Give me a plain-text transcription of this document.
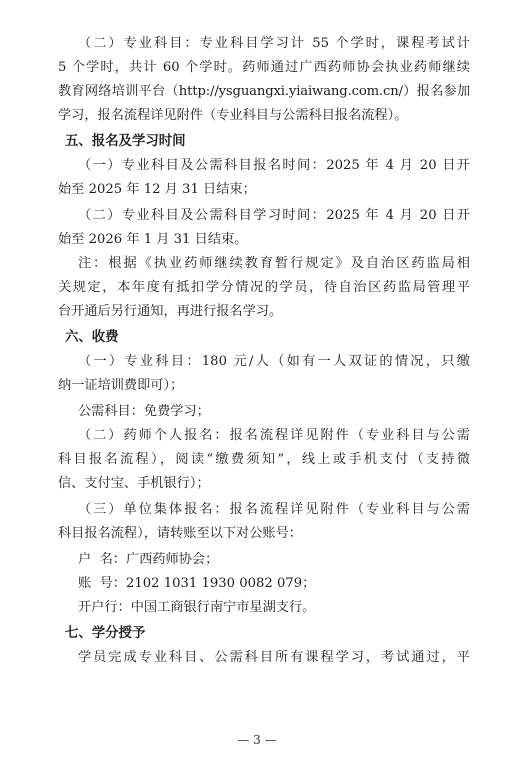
（二）专业科目：专业科目学习计 55 个学时，课程考试计
5 个学时，共计 60 个学时。药师通过广西药师协会执业药师继续
教育网络培训平台（http://ysguangxi.yiaiwang.com.cn/）报名参加
学习，报名流程详见附件（专业科目与公需科目报名流程）。
五、报名及学习时间
（一）专业科目及公需科目报名时间：2025 年 4 月 20 日开
始至 2025 年 12 月 31 日结束；
（二）专业科目及公需科目学习时间：2025 年 4 月 20 日开
始至 2026 年 1 月 31 日结束。
注：根据《执业药师继续教育暂行规定》及自治区药监局相
关规定，本年度有抵扣学分情况的学员，待自治区药监局管理平
台开通后另行通知，再进行报名学习。
六、收费
（一）专业科目：180 元/人（如有一人双证的情况，只缴
纳一证培训费即可）；
公需科目：免费学习；
（二）药师个人报名：报名流程详见附件（专业科目与公需
科目报名流程），阅读“缴费须知”，线上或手机支付（支持微
信、支付宝、手机银行）；
（三）单位集体报名：报名流程详见附件（专业科目与公需
科目报名流程），请转账至以下对公账号：
户  名：广西药师协会；
账  号：2102 1031 1930 0082 079；
开户行：中国工商银行南宁市星湖支行。
七、学分授予
学员完成专业科目、公需科目所有课程学习，考试通过，平
— 3 —
